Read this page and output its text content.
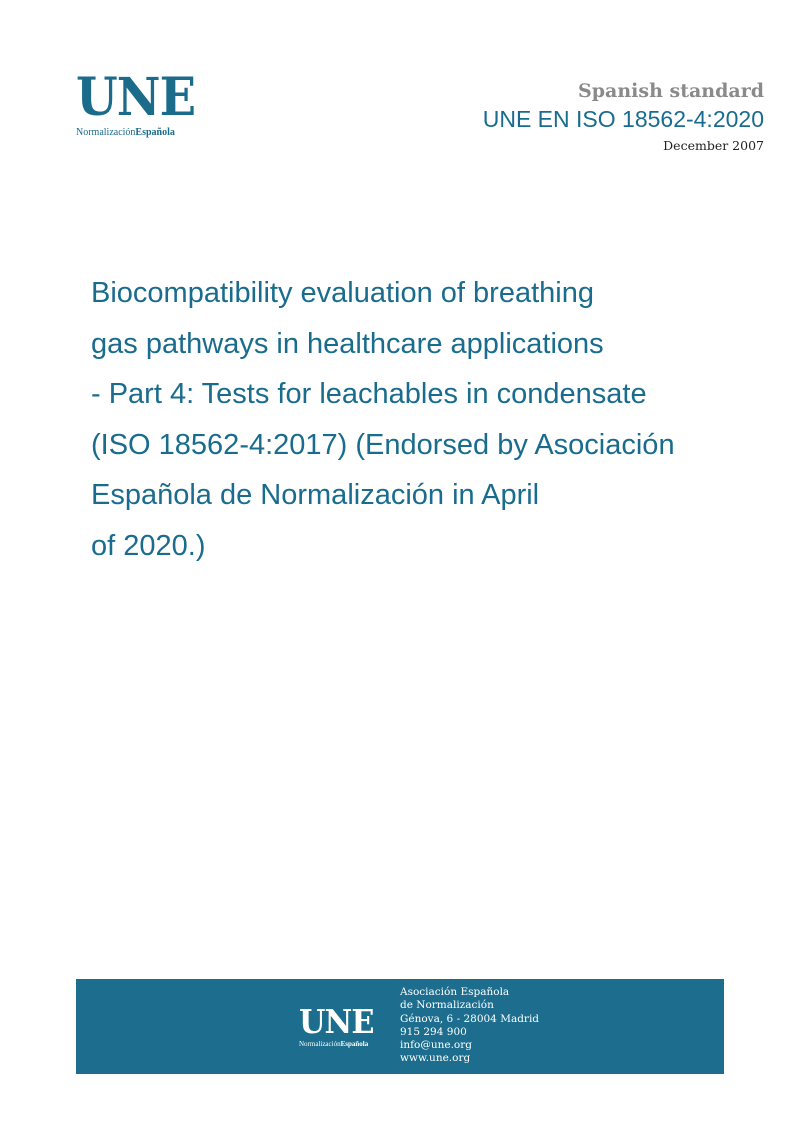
UNE
NormalizaciónEspañola
Spanish standard
UNE EN ISO 18562-4:2020
December 2007
Biocompatibility evaluation of breathing
gas pathways in healthcare applications
- Part 4: Tests for leachables in condensate
(ISO 18562-4:2017) (Endorsed by Asociación
Española de Normalización in April
of 2020.)
UNE
NormalizaciónEspañola
Asociación Española
de Normalización
Génova, 6 - 28004 Madrid
915 294 900
info@une.org
www.une.org
